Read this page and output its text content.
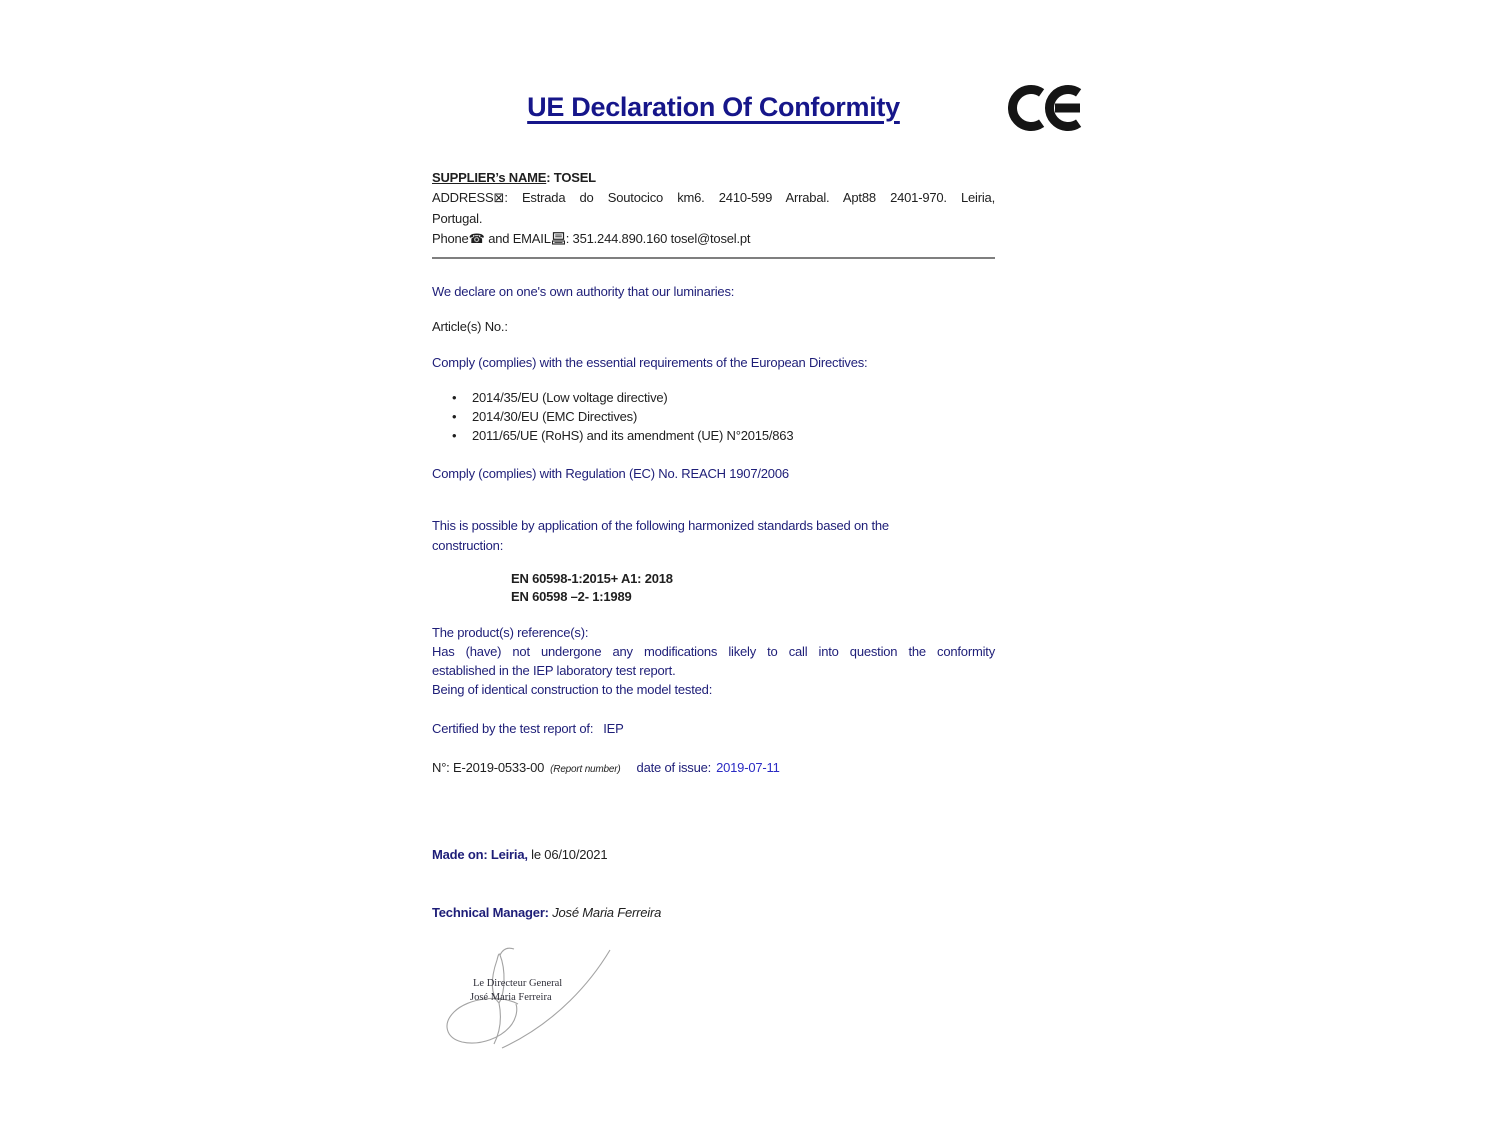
UE Declaration Of Conformity
SUPPLIER’s NAME: TOSEL
ADDRESS⊠: Estrada do Soutocico km6. 2410-599 Arrabal. Apt88 2401-970. Leiria,
Portugal.
Phone☎ and EMAIL : 351.244.890.160 tosel@tosel.pt
We declare on one's own authority that our luminaries:
Article(s) No.:
Comply (complies) with the essential requirements of the European Directives:
• 2014/35/EU (Low voltage directive)
• 2014/30/EU (EMC Directives)
• 2011/65/UE (RoHS) and its amendment (UE) N°2015/863
Comply (complies) with Regulation (EC) No. REACH 1907/2006
This is possible by application of the following harmonized standards based on the
construction:
EN 60598-1:2015+ A1: 2018
EN 60598 –2- 1:1989
The product(s) reference(s):
Has (have) not undergone any modifications likely to call into question the conformity
established in the IEP laboratory test report.
Being of identical construction to the model tested:
Certified by the test report of: IEP
N°: E-2019-0533-00 (Report number) date of issue: 2019-07-11
Made on: Leiria, le 06/10/2021
Technical Manager: José Maria Ferreira
Le Directeur General
José Maria Ferreira
